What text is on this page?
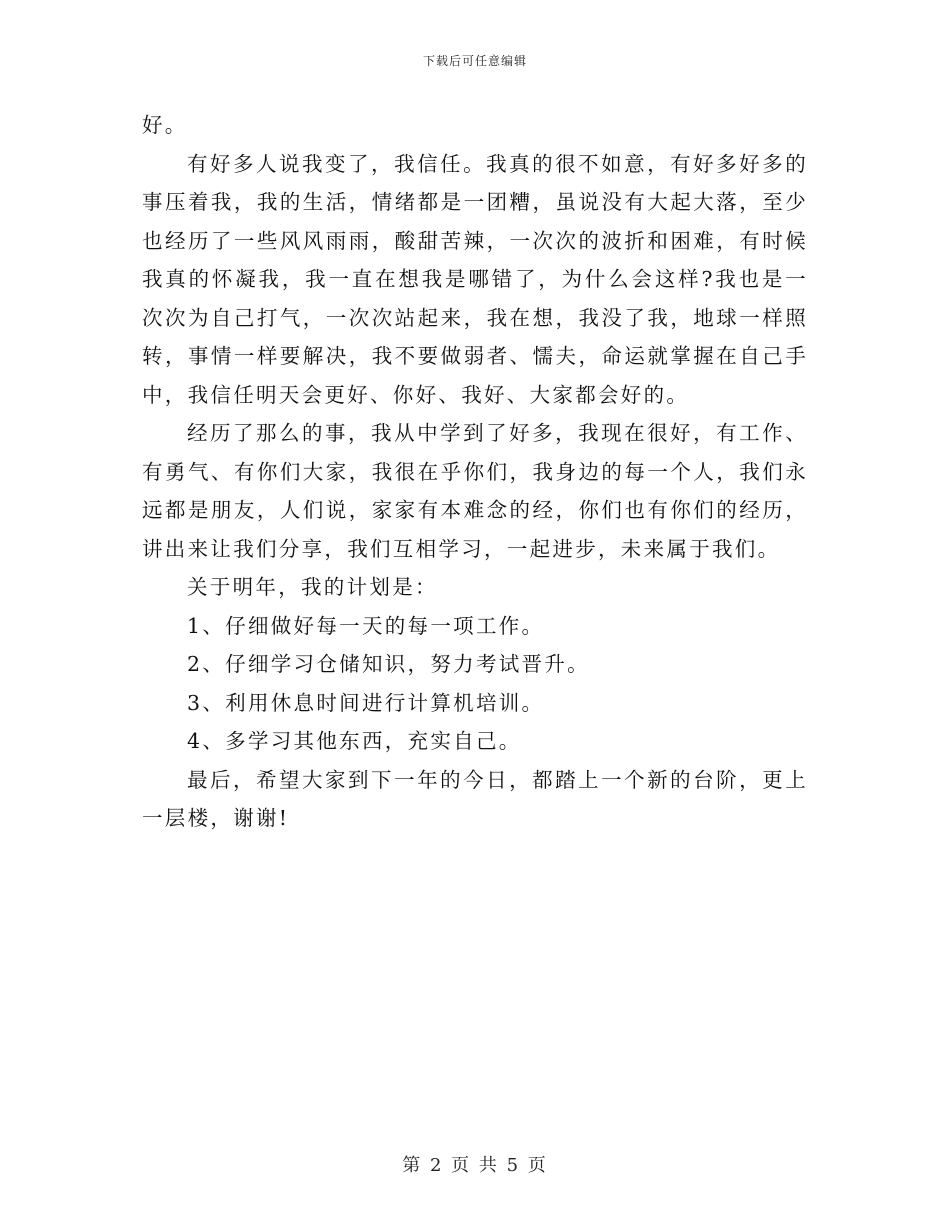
下载后可任意编辑

好。

有好多人说我变了，我信任。我真的很不如意，有好多好多的事压着我，我的生活，情绪都是一团糟，虽说没有大起大落，至少也经历了一些风风雨雨，酸甜苦辣，一次次的波折和困难，有时候我真的怀凝我，我一直在想我是哪错了，为什么会这样?我也是一次次为自己打气，一次次站起来，我在想，我没了我，地球一样照转，事情一样要解决，我不要做弱者、懦夫，命运就掌握在自己手中，我信任明天会更好、你好、我好、大家都会好的。

经历了那么的事，我从中学到了好多，我现在很好，有工作、有勇气、有你们大家，我很在乎你们，我身边的每一个人，我们永远都是朋友，人们说，家家有本难念的经，你们也有你们的经历，讲出来让我们分享，我们互相学习，一起进步，未来属于我们。

关于明年，我的计划是：

1、仔细做好每一天的每一项工作。

2、仔细学习仓储知识，努力考试晋升。

3、利用休息时间进行计算机培训。

4、多学习其他东西，充实自己。

最后，希望大家到下一年的今日，都踏上一个新的台阶，更上一层楼，谢谢!

第 2 页 共 5 页
